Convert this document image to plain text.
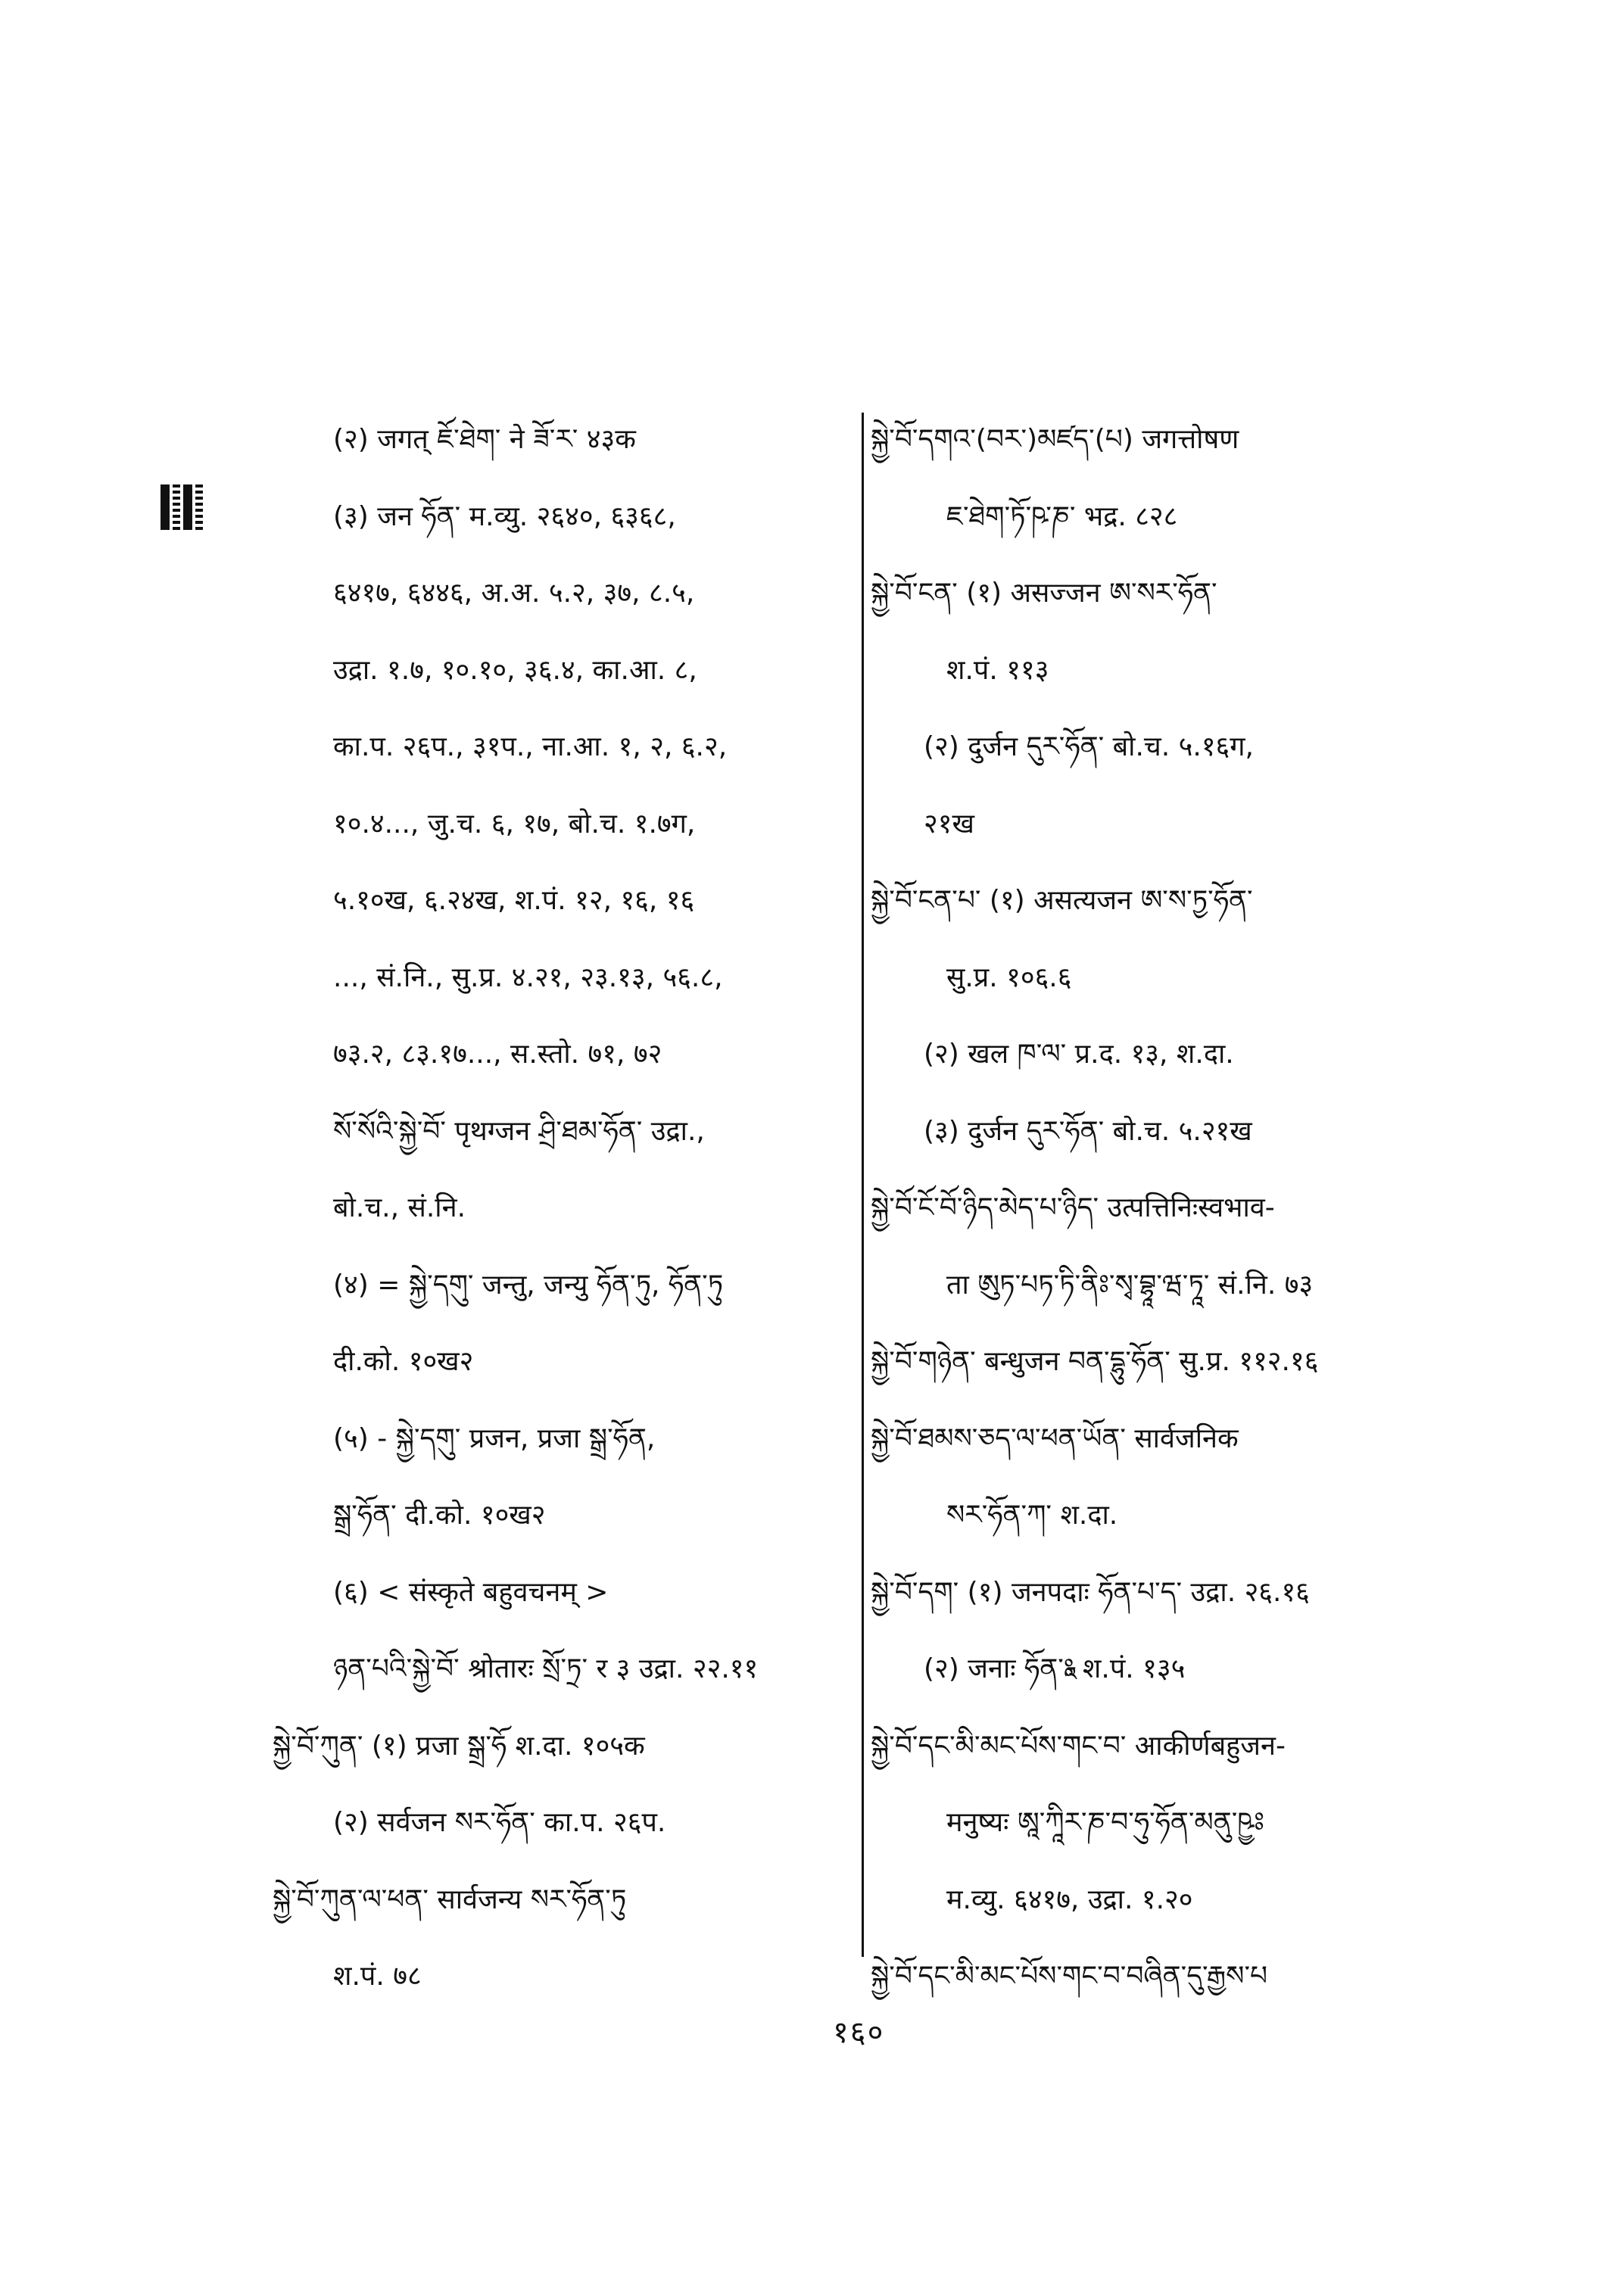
(२) जगत् ཇོ་ཐེག་ ने ཟོ་ར་ ४३क
(३) जन ཧོན་ म.व्यु. २६४०, ६३६८,
६४१७, ६४४६, अ.अ. ५.२, ३७, ८.५,
उद्रा. १.७, १०.१०, ३६.४, का.आ. ८,
का.प. २६प., ३१प., ना.आ. १, २, ६.२,
१०.४..., जु.च. ६, १७, बो.च. १.७ग,
५.१०ख, ६.२४ख, श.पं. १२, १६, १६
..., सं.नि., सु.प्र. ४.२१, २३.१३, ५६.८,
७३.२, ८३.१७..., स.स्तो. ७१, ७२
སོ་སོའི་སྐྱེ་བོ་ पृथग्जन ཤྲི་ཐམ་ཧོན་ उद्रा.,
बो.च., सं.नि.
(४) = སྐྱེ་དགུ་ जन्तु, जन्यु ཧོན་ཏུ, ཧོན་ཏུ
दी.को. १०ख२
(५) - སྐྱེ་དགུ་ प्रजन, प्रजा སྒྲ་ཧོན,
སྒྲ་ཧོན་ दी.को. १०ख२
(६) < संस्कृते बहुवचनम् >
ཉན་པའི་སྐྱེ་བོ་ श्रोतारः སྲོ་ཏྲ་ र ३ उद्रा. २२.११
སྐྱེ་བོ་ཀུན་ (१) प्रजा སྒྲ་ཧོ श.दा. १०५क
(२) सर्वजन སར་ཧོན་ का.प. २६प.
སྐྱེ་བོ་ཀུན་ལ་ཕན་ सार्वजन्य སར་ཧོན་ཏུ
श.पं. ७८
སྐྱེ་བོ་དགའ་(བར་)མཛད་(པ) जगत्तोषण
ཇ་ཐེག་ཏོ་ཥ་ཎ་ भद्र. ८२८
སྐྱེ་བོ་ངན་ (१) असज्जन ཨ་སར་ཧོན་
श.पं. ११३
(२) दुर्जन དུར་ཧོན་ बो.च. ५.१६ग,
२१ख
སྐྱེ་བོ་ངན་པ་ (१) असत्यजन ཨ་ས་ཏྱ་ཧོན་
सु.प्र. १०६.६
(२) खल ཁ་ལ་ प्र.द. १३, श.दा.
(३) दुर्जन དུར་ཧོན་ बो.च. ५.२१ख
སྐྱེ་བོ་ངོ་བོ་ཉིད་མེད་པ་ཉིད་ उत्पत्तिनिःस्वभाव-
ता ཨུཏ་པཏ་ཏི་ནིཿ་སྭ་བྷཱ་ཝ་ཏཱ་ सं.नि. ७३
སྐྱེ་བོ་གཉེན་ बन्धुजन བན་དྷུ་ཧོན་ सु.प्र. ११२.१६
སྐྱེ་བོ་ཐམས་ཅད་ལ་ཕན་ཡོན་ सार्वजनिक
སར་ཧོན་ཀ་ श.दा.
སྐྱེ་བོ་དག་ (१) जनपदाः ཧོན་པ་ད་ उद्रा. २६.१६
(२) जनाः ཧོན་ཱཿ श.पं. १३५
སྐྱེ་བོ་དང་མི་མང་པོས་གང་བ་ आकीर्णबहुजन-
मनुष्यः ཨཱ་ཀཱིར་ཎ་བ་ཧུ་ཧོན་མནུ་ཥྱཿ
म.व्यु. ६४१७, उद्रा. १.२०
སྐྱེ་བོ་དང་མི་མང་པོས་གང་བ་བཞིན་དུ་རྒྱས་པ
१६०
